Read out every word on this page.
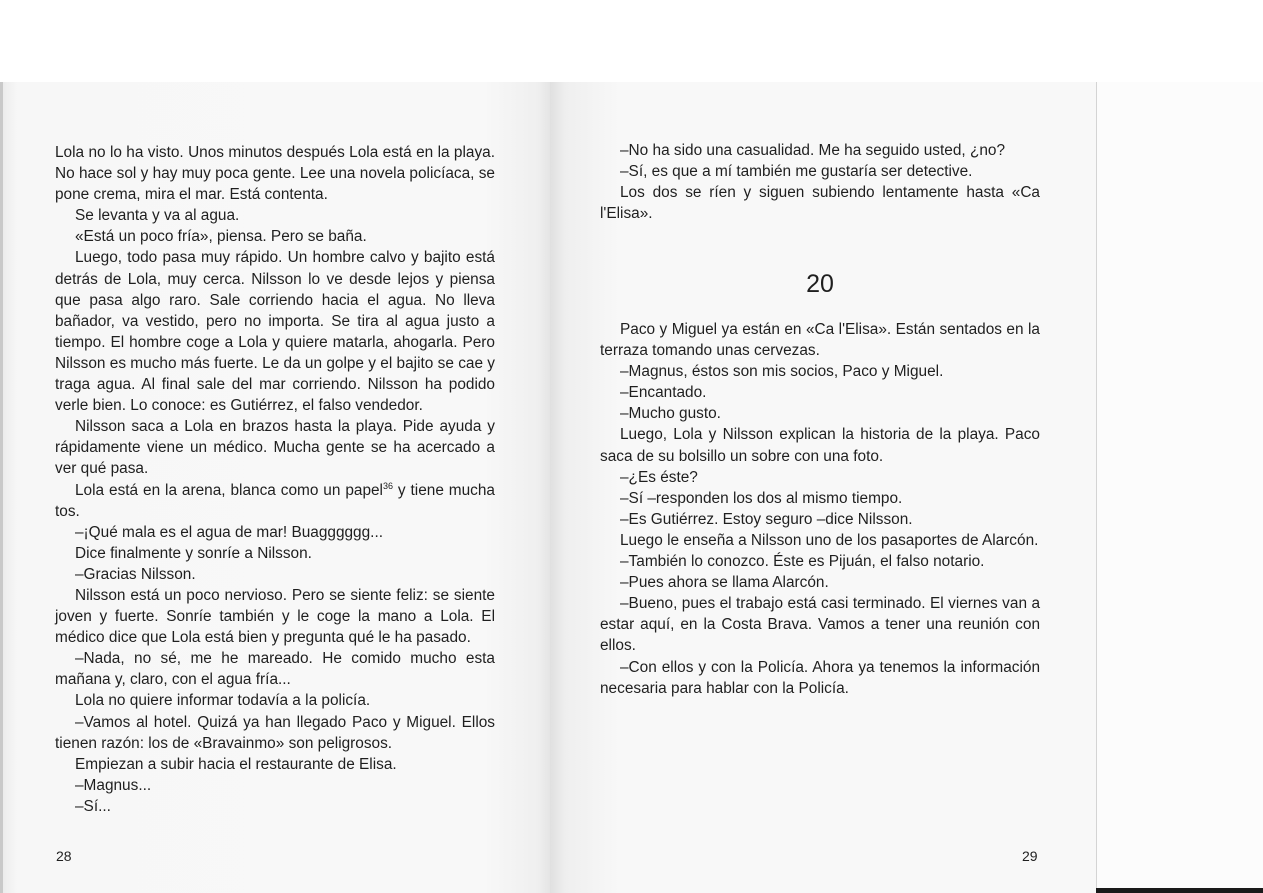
Lola no lo ha visto. Unos minutos después Lola está en la playa. No hace sol y hay muy poca gente. Lee una novela policíaca, se pone crema, mira el mar. Está contenta.

Se levanta y va al agua.

«Está un poco fría», piensa. Pero se baña.

Luego, todo pasa muy rápido. Un hombre calvo y bajito está detrás de Lola, muy cerca. Nilsson lo ve desde lejos y piensa que pasa algo raro. Sale corriendo hacia el agua. No lleva bañador, va vestido, pero no importa. Se tira al agua justo a tiempo. El hombre coge a Lola y quiere matarla, ahogarla. Pero Nilsson es mucho más fuerte. Le da un golpe y el bajito se cae y traga agua. Al final sale del mar corriendo. Nilsson ha podido verle bien. Lo conoce: es Gutiérrez, el falso vendedor.

Nilsson saca a Lola en brazos hasta la playa. Pide ayuda y rápidamente viene un médico. Mucha gente se ha acercado a ver qué pasa.

Lola está en la arena, blanca como un papel$^{36}$ y tiene mucha tos.

–¡Qué mala es el agua de mar! Buagggggg...

Dice finalmente y sonríe a Nilsson.

–Gracias Nilsson.

Nilsson está un poco nervioso. Pero se siente feliz: se siente joven y fuerte. Sonríe también y le coge la mano a Lola. El médico dice que Lola está bien y pregunta qué le ha pasado.

–Nada, no sé, me he mareado. He comido mucho esta mañana y, claro, con el agua fría...

Lola no quiere informar todavía a la policía.

–Vamos al hotel. Quizá ya han llegado Paco y Miguel. Ellos tienen razón: los de «Bravainmo» son peligrosos.

Empiezan a subir hacia el restaurante de Elisa.

–Magnus...

–Sí...

28

–No ha sido una casualidad. Me ha seguido usted, ¿no?

–Sí, es que a mí también me gustaría ser detective.

Los dos se ríen y siguen subiendo lentamente hasta «Ca l'Elisa».

20

Paco y Miguel ya están en «Ca l'Elisa». Están sentados en la terraza tomando unas cervezas.

–Magnus, éstos son mis socios, Paco y Miguel.

–Encantado.

–Mucho gusto.

Luego, Lola y Nilsson explican la historia de la playa. Paco saca de su bolsillo un sobre con una foto.

–¿Es éste?

–Sí –responden los dos al mismo tiempo.

–Es Gutiérrez. Estoy seguro –dice Nilsson.

Luego le enseña a Nilsson uno de los pasaportes de Alarcón.

–También lo conozco. Éste es Pijuán, el falso notario.

–Pues ahora se llama Alarcón.

–Bueno, pues el trabajo está casi terminado. El viernes van a estar aquí, en la Costa Brava. Vamos a tener una reunión con ellos.

–Con ellos y con la Policía. Ahora ya tenemos la información necesaria para hablar con la Policía.

29
